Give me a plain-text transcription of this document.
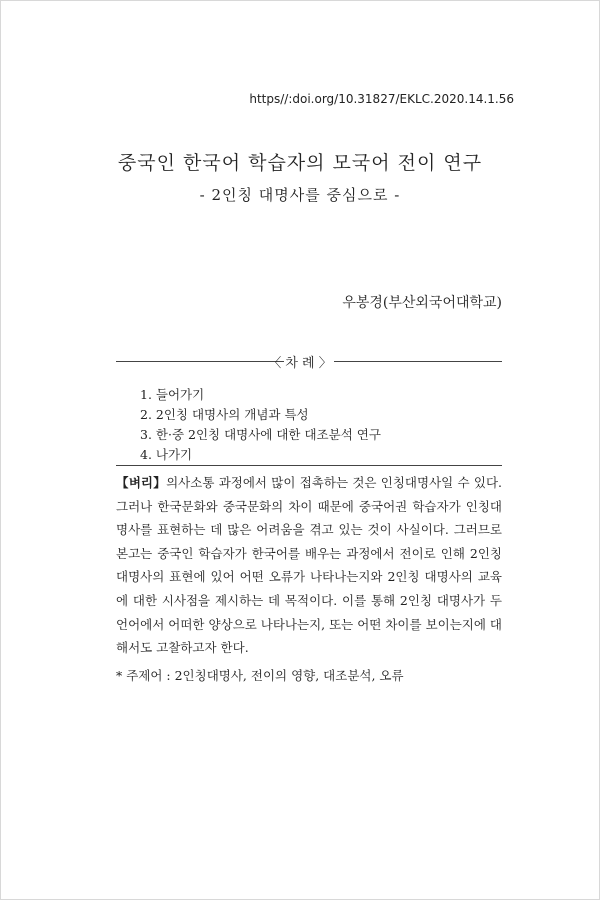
https//:doi.org/10.31827/EKLC.2020.14.1.56
중국인 한국어 학습자의 모국어 전이 연구
- 2인칭 대명사를 중심으로 -
우봉경(부산외국어대학교)
〈 차 례 〉
1. 들어가기
2. 2인칭 대명사의 개념과 특성
3. 한·중 2인칭 대명사에 대한 대조분석 연구
4. 나가기
【벼리】의사소통 과정에서 많이 접촉하는 것은 인칭대명사일 수 있다. 그러나 한국문화와 중국문화의 차이 때문에 중국어권 학습자가 인칭대명사를 표현하는 데 많은 어려움을 겪고 있는 것이 사실이다. 그러므로 본고는 중국인 학습자가 한국어를 배우는 과정에서 전이로 인해 2인칭 대명사의 표현에 있어 어떤 오류가 나타나는지와 2인칭 대명사의 교육에 대한 시사점을 제시하는 데 목적이다. 이를 통해 2인칭 대명사가 두 언어에서 어떠한 양상으로 나타나는지, 또는 어떤 차이를 보이는지에 대해서도 고찰하고자 한다.
* 주제어 : 2인칭대명사, 전이의 영향, 대조분석, 오류
